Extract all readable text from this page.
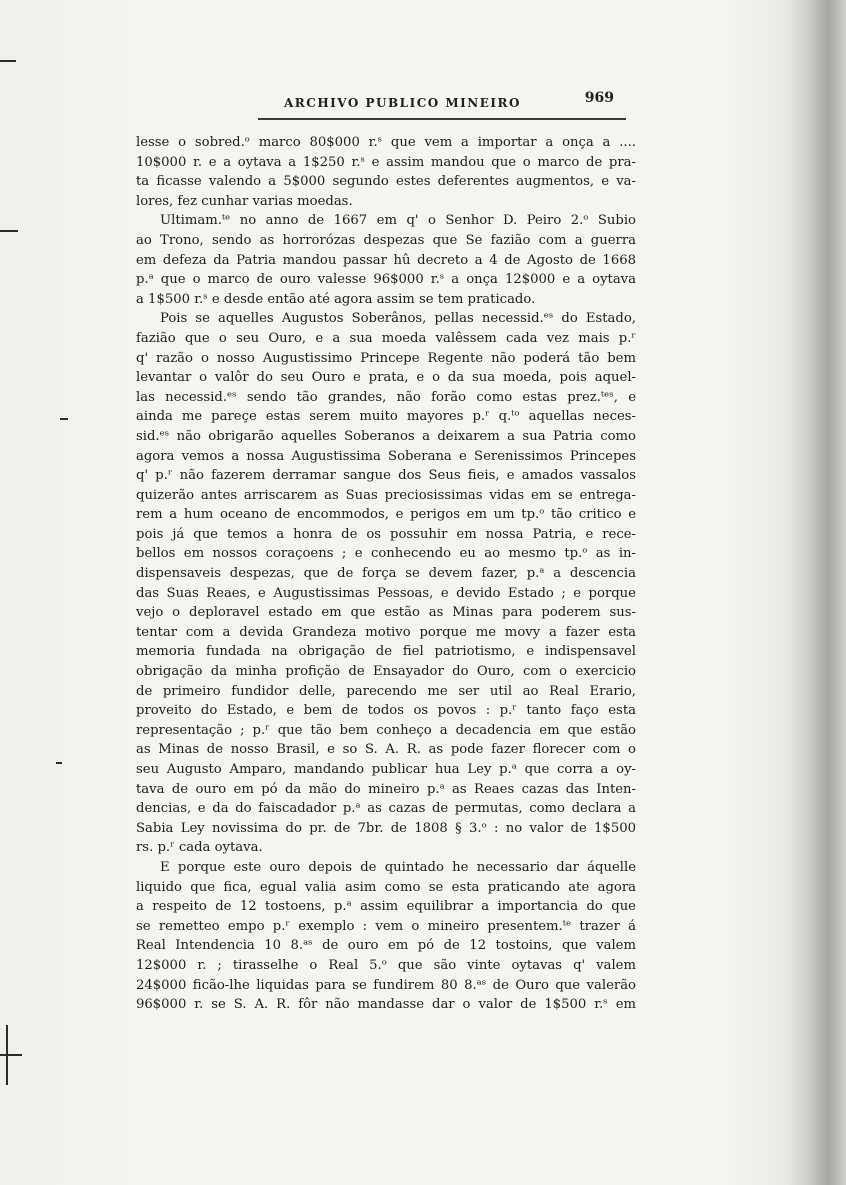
ARCHIVO PUBLICO MINEIRO	969
lesse o sobred.ᵒ marco 80$000 r.ˢ que vem a importar a onça a ....
10$000 r. e a oytava a 1$250 r.ˢ e assim mandou que o marco de pra-
ta ficasse valendo a 5$000 segundo estes deferentes augmentos, e va-
lores, fez cunhar varias moedas.
Ultimam.ᵗᵉ no anno de 1667 em q' o Senhor D. Peiro 2.ᵒ Subio
ao Trono, sendo as horrorózas despezas que Se fazião com a guerra
em defeza da Patria mandou passar hû decreto a 4 de Agosto de 1668
p.ᵃ que o marco de ouro valesse 96$000 r.ˢ a onça 12$000 e a oytava
a 1$500 r.ˢ e desde então até agora assim se tem praticado.
Pois se aquelles Augustos Soberânos, pellas necessid.ᵉˢ do Estado,
fazião que o seu Ouro, e a sua moeda valêssem cada vez mais p.ʳ
q' razão o nosso Augustissimo Princepe Regente não poderá tão bem
levantar o valôr do seu Ouro e prata, e o da sua moeda, pois aquel-
las necessid.ᵉˢ sendo tão grandes, não forão como estas prez.ᵗᵉˢ, e
ainda me pareçe estas serem muito mayores p.ʳ q.ᵗᵒ aquellas neces-
sid.ᵉˢ não obrigarão aquelles Soberanos a deixarem a sua Patria como
agora vemos a nossa Augustissima Soberana e Serenissimos Princepes
q' p.ʳ não fazerem derramar sangue dos Seus fieis, e amados vassalos
quizerão antes arriscarem as Suas preciosissimas vidas em se entrega-
rem a hum oceano de encommodos, e perigos em um tp.ᵒ tão critico e
pois já que temos a honra de os possuhir em nossa Patria, e rece-
bellos em nossos coraçoens ; e conhecendo eu ao mesmo tp.ᵒ as in-
dispensaveis despezas, que de força se devem fazer, p.ᵃ a descencia
das Suas Reaes, e Augustissimas Pessoas, e devido Estado ; e porque
vejo o deploravel estado em que estão as Minas para poderem sus-
tentar com a devida Grandeza motivo porque me movy a fazer esta
memoria fundada na obrigação de fiel patriotismo, e indispensavel
obrigação da minha profição de Ensayador do Ouro, com o exercicio
de primeiro fundidor delle, parecendo me ser util ao Real Erario,
proveito do Estado, e bem de todos os povos : p.ʳ tanto faço esta
representação ; p.ʳ que tão bem conheço a decadencia em que estão
as Minas de nosso Brasil, e so S. A. R. as pode fazer florecer com o
seu Augusto Amparo, mandando publicar hua Ley p.ᵃ que corra a oy-
tava de ouro em pó da mão do mineiro p.ᵃ as Reaes cazas das Inten-
dencias, e da do faiscadador p.ᵃ as cazas de permutas, como declara a
Sabia Ley novissima do pr. de 7br. de 1808 § 3.ᵒ : no valor de 1$500
rs. p.ʳ cada oytava.
E porque este ouro depois de quintado he necessario dar áquelle
liquido que fica, egual valia asim como se esta praticando ate agora
a respeito de 12 tostoens, p.ᵃ assim equilibrar a importancia do que
se remetteo empo p.ʳ exemplo : vem o mineiro presentem.ᵗᵉ trazer á
Real Intendencia 10 8.ᵃˢ de ouro em pó de 12 tostoins, que valem
12$000 r. ; tirasselhe o Real 5.ᵒ que são vinte oytavas q' valem
24$000 ficão-lhe liquidas para se fundirem 80 8.ᵃˢ de Ouro que valerão
96$000 r. se S. A. R. fôr não mandasse dar o valor de 1$500 r.ˢ em
